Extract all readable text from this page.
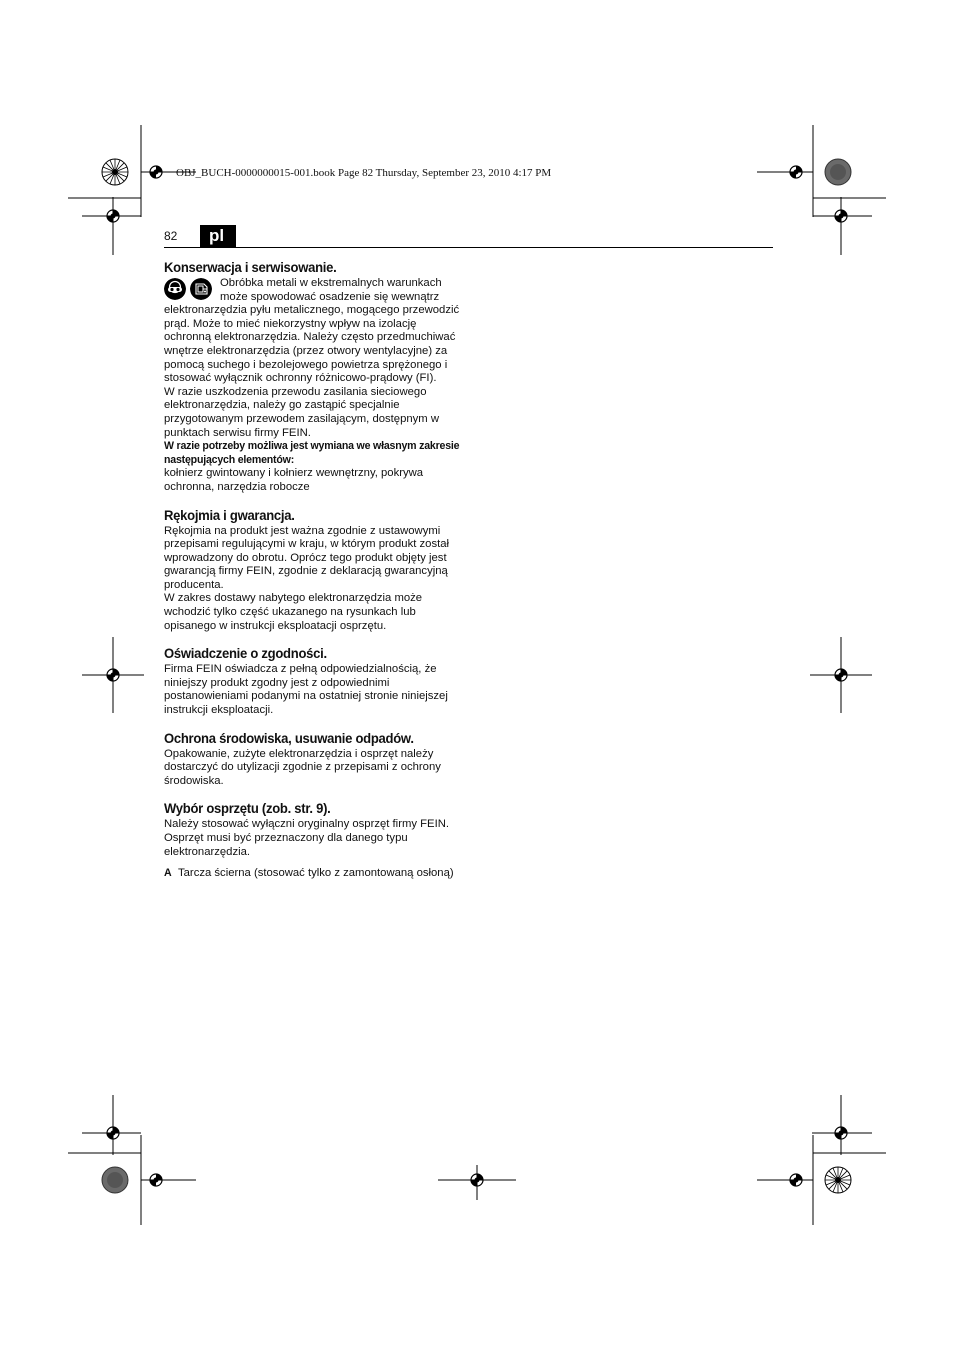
OBJ_BUCH-0000000015-001.book Page 82 Thursday, September 23, 2010 4:17 PM
82	pl
Konserwacja i serwisowanie.

Obróbka metali w ekstremalnych warunkach może spowodować osadzenie się wewnątrz elektronarzędzia pyłu metalicznego, mogącego przewodzić prąd. Może to mieć niekorzystny wpływ na izolację ochronną elektronarzędzia. Należy często przedmuchiwać wnętrze elektronarzędzia (przez otwory wentylacyjne) za pomocą suchego i bezolejowego powietrza sprężonego i stosować wyłącznik ochronny różnicowo-prądowy (FI).

W razie uszkodzenia przewodu zasilania sieciowego elektronarzędzia, należy go zastąpić specjalnie przygotowanym przewodem zasilającym, dostępnym w punktach serwisu firmy FEIN.

W razie potrzeby możliwa jest wymiana we własnym zakresie następujących elementów:

kołnierz gwintowany i kołnierz wewnętrzny, pokrywa ochronna, narzędzia robocze

Rękojmia i gwarancja.

Rękojmia na produkt jest ważna zgodnie z ustawowymi przepisami regulującymi w kraju, w którym produkt został wprowadzony do obrotu. Oprócz tego produkt objęty jest gwarancją firmy FEIN, zgodnie z deklaracją gwarancyjną producenta.

W zakres dostawy nabytego elektronarzędzia może wchodzić tylko część ukazanego na rysunkach lub opisanego w instrukcji eksploatacji osprzętu.

Oświadczenie o zgodności.

Firma FEIN oświadcza z pełną odpowiedzialnością, że niniejszy produkt zgodny jest z odpowiednimi postanowieniami podanymi na ostatniej stronie niniejszej instrukcji eksploatacji.

Ochrona środowiska, usuwanie odpadów.

Opakowanie, zużyte elektronarzędzia i osprzęt należy dostarczyć do utylizacji zgodnie z przepisami z ochrony środowiska.

Wybór osprzętu (zob. str. 9).

Należy stosować wyłączni oryginalny osprzęt firmy FEIN. Osprzęt musi być przeznaczony dla danego typu elektronarzędzia.

A Tarcza ścierna (stosować tylko z zamontowaną osłoną)
